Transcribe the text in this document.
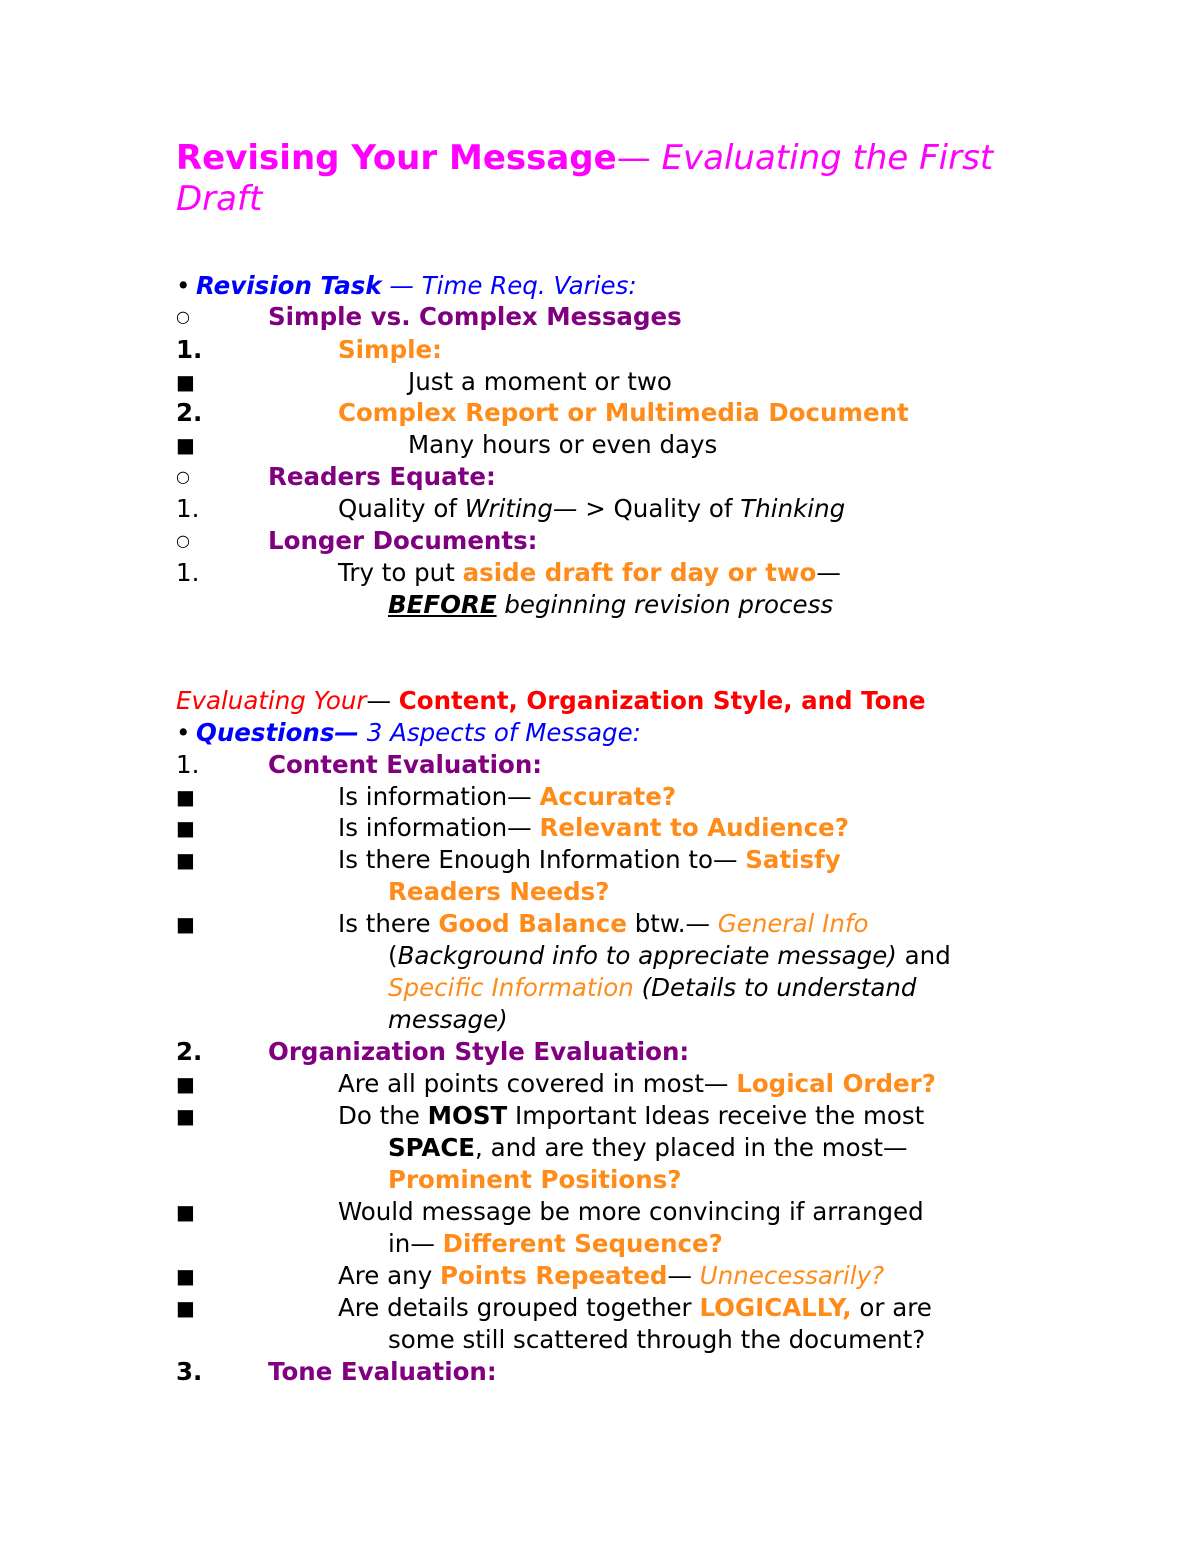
Revising Your Message— Evaluating the First Draft
• Revision Task — Time Req. Varies:
○	Simple vs. Complex Messages
1.	Simple:
■	Just a moment or two
2.	Complex Report or Multimedia Document
■	Many hours or even days
○	Readers Equate:
1.	Quality of Writing— > Quality of Thinking
○	Longer Documents:
1.	Try to put aside draft for day or two—
BEFORE beginning revision process
Evaluating Your— Content, Organization Style, and Tone
• Questions— 3 Aspects of Message:
1.	Content Evaluation:
■	Is information— Accurate?
■	Is information— Relevant to Audience?
■	Is there Enough Information to— Satisfy
Readers Needs?
■	Is there Good Balance btw.— General Info
(Background info to appreciate message) and
Specific Information (Details to understand
message)
2.	Organization Style Evaluation:
■	Are all points covered in most— Logical Order?
■	Do the MOST Important Ideas receive the most
SPACE, and are they placed in the most—
Prominent Positions?
■	Would message be more convincing if arranged
in— Different Sequence?
■	Are any Points Repeated— Unnecessarily?
■	Are details grouped together LOGICALLY, or are
some still scattered through the document?
3.	Tone Evaluation:
